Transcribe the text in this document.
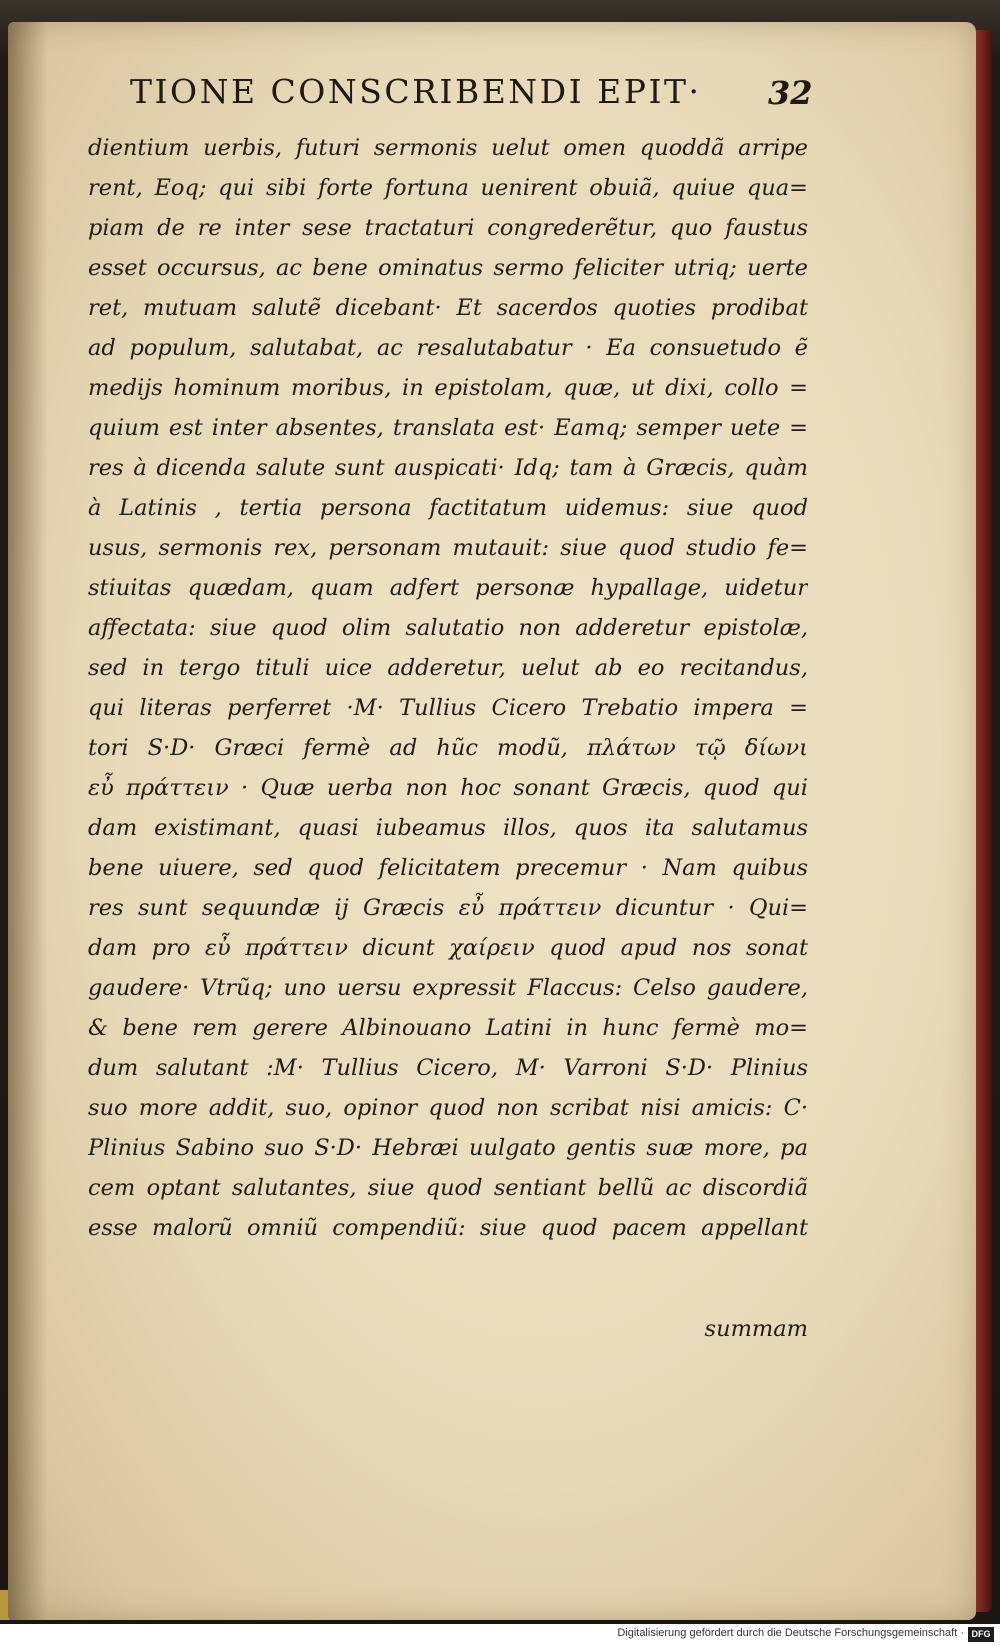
TIONE CONSCRIBENDI EPIT·	32
dientium uerbis, futuri sermonis uelut omen quoddã arripe
rent, Eoq; qui sibi forte fortuna uenirent obuiã, quiue qua=
piam de re inter sese tractaturi congrederẽtur, quo faustus
esset occursus, ac bene ominatus sermo feliciter utriq; uerte
ret, mutuam salutẽ dicebant· Et sacerdos quoties prodibat
ad populum, salutabat, ac resalutabatur · Ea consuetudo ẽ
medijs hominum moribus, in epistolam, quæ, ut dixi, collo =
quium est inter absentes, translata est· Eamq; semper uete =
res à dicenda salute sunt auspicati· Idq; tam à Græcis, quàm
à Latinis , tertia persona factitatum uidemus: siue quod
usus, sermonis rex, personam mutauit: siue quod studio fe=
stiuitas quædam, quam adfert personæ hypallage, uidetur
affectata: siue quod olim salutatio non adderetur epistolæ,
sed in tergo tituli uice adderetur, uelut ab eo recitandus,
qui literas perferret ·M· Tullius Cicero Trebatio impera =
tori S·D· Græci fermè ad hũc modũ, πλάτων τῷ δίωνι
εὖ πράττειν · Quæ uerba non hoc sonant Græcis, quod qui
dam existimant, quasi iubeamus illos, quos ita salutamus
bene uiuere, sed quod felicitatem precemur · Nam quibus
res sunt sequundæ ij Græcis εὖ πράττειν dicuntur · Qui=
dam pro εὖ πράττειν dicunt χαίρειν quod apud nos sonat
gaudere· Vtrũq; uno uersu expressit Flaccus: Celso gaudere,
& bene rem gerere Albinouano Latini in hunc fermè mo=
dum salutant :M· Tullius Cicero, M· Varroni S·D· Plinius
suo more addit, suo, opinor quod non scribat nisi amicis: C·
Plinius Sabino suo S·D· Hebræi uulgato gentis suæ more, pa
cem optant salutantes, siue quod sentiant bellũ ac discordiã
esse malorũ omniũ compendiũ: siue quod pacem appellant
summam
Digitalisierung gefördert durch die Deutsche Forschungsgemeinschaft · DFG
